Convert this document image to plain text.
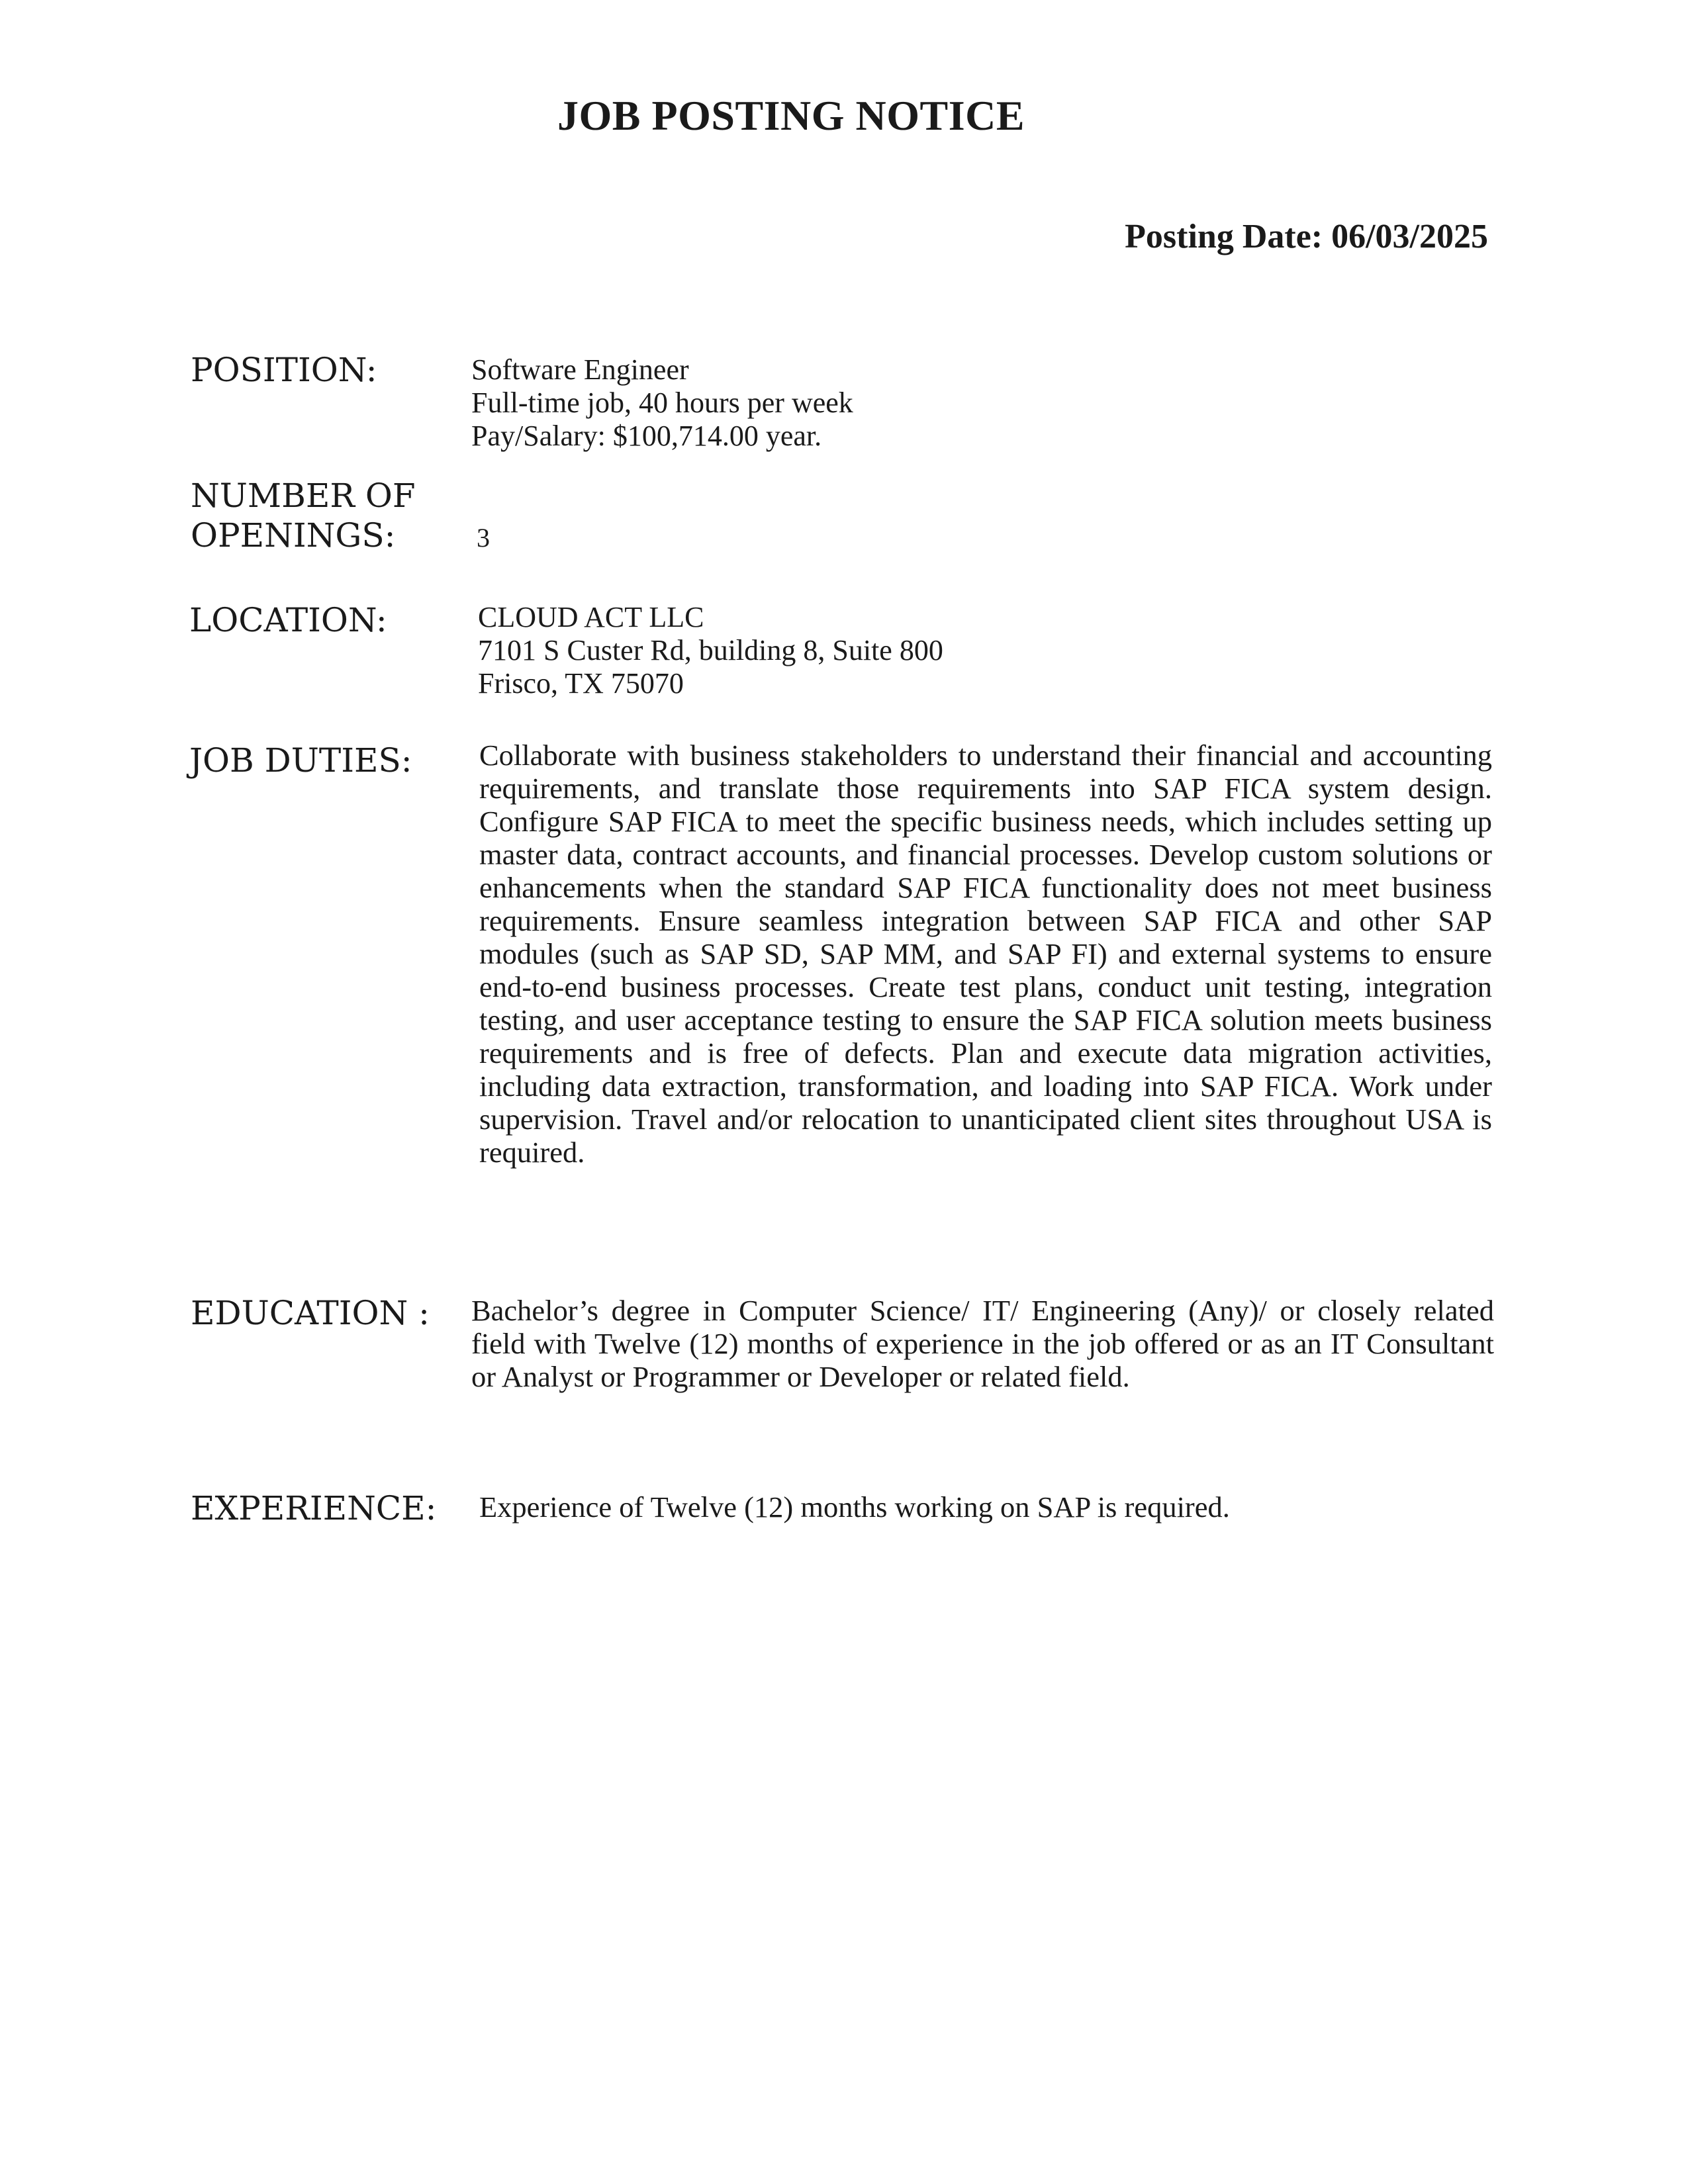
JOB POSTING NOTICE
Posting Date: 06/03/2025
POSITION:	Software Engineer
Full-time job, 40 hours per week
Pay/Salary: $100,714.00 year.
NUMBER OF
OPENINGS:	3
LOCATION:	CLOUD ACT LLC
7101 S Custer Rd, building 8, Suite 800
Frisco, TX 75070
JOB DUTIES: Collaborate with business stakeholders to understand their financial and accounting requirements, and translate those requirements into SAP FICA system design. Configure SAP FICA to meet the specific business needs, which includes setting up master data, contract accounts, and financial processes. Develop custom solutions or enhancements when the standard SAP FICA functionality does not meet business requirements. Ensure seamless integration between SAP FICA and other SAP modules (such as SAP SD, SAP MM, and SAP FI) and external systems to ensure end-to-end business processes. Create test plans, conduct unit testing, integration testing, and user acceptance testing to ensure the SAP FICA solution meets business requirements and is free of defects. Plan and execute data migration activities, including data extraction, transformation, and loading into SAP FICA. Work under supervision. Travel and/or relocation to unanticipated client sites throughout USA is required.
EDUCATION : Bachelor’s degree in Computer Science/ IT/ Engineering (Any)/ or closely related field with Twelve (12) months of experience in the job offered or as an IT Consultant or Analyst or Programmer or Developer or related field.
EXPERIENCE: Experience of Twelve (12) months working on SAP is required.
